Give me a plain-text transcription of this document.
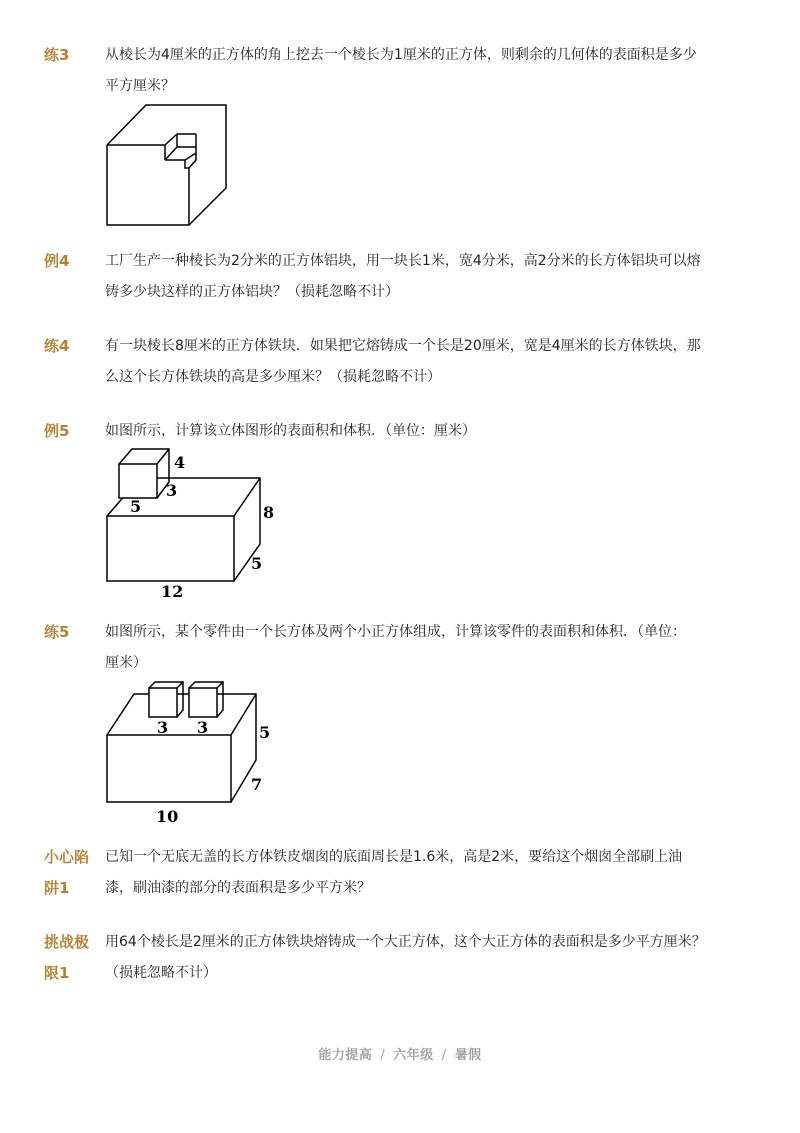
练3	从棱长为4厘米的正方体的角上挖去一个棱长为1厘米的正方体，则剩余的几何体的表面积是多少
平方厘米？
例4	工厂生产一种棱长为2分米的正方体铝块，用一块长1米，宽4分米，高2分米的长方体铝块可以熔
铸多少块这样的正方体铝块？（损耗忽略不计）
练4	有一块棱长8厘米的正方体铁块．如果把它熔铸成一个长是20厘米，宽是4厘米的长方体铁块，那
么这个长方体铁块的高是多少厘米？（损耗忽略不计）
例5	如图所示，计算该立体图形的表面积和体积．（单位：厘米）
4
3
5	8
5
12
练5	如图所示，某个零件由一个长方体及两个小正方体组成，计算该零件的表面积和体积．（单位：
厘米）
3 3	5
7
10
小心陷
阱1
已知一个无底无盖的长方体铁皮烟囱的底面周长是1.6米，高是2米，要给这个烟囱全部刷上油
漆，刷油漆的部分的表面积是多少平方米？
挑战极
限1
用64个棱长是2厘米的正方体铁块熔铸成一个大正方体，这个大正方体的表面积是多少平方厘米？
（损耗忽略不计）
能力提高 / 六年级 / 暑假
